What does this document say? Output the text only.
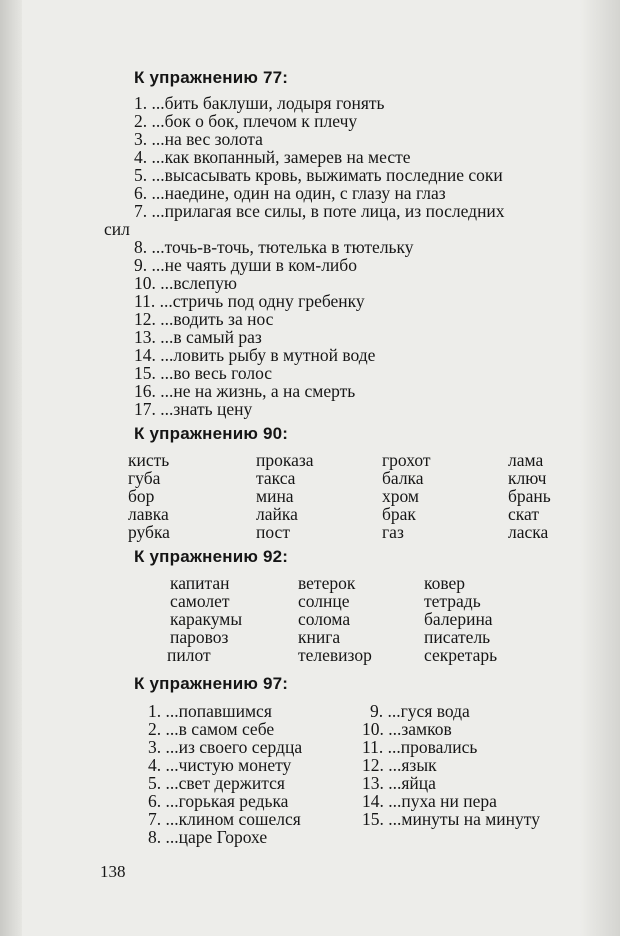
К упражнению 77:
1. ...бить баклуши, лодыря гонять
2. ...бок о бок, плечом к плечу
3. ...на вес золота
4. ...как вкопанный, замерев на месте
5. ...высасывать кровь, выжимать последние соки
6. ...наедине, один на один, с глазу на глаз
7. ...прилагая все силы, в поте лица, из последних
сил
8. ...точь-в-точь, тютелька в тютельку
9. ...не чаять души в ком-либо
10. ...вслепую
11. ...стричь под одну гребенку
12. ...водить за нос
13. ...в самый раз
14. ...ловить рыбу в мутной воде
15. ...во весь голос
16. ...не на жизнь, а на смерть
17. ...знать цену
К упражнению 90:
кисть	проказа	грохот	лама
губа	такса	балка	ключ
бор	мина	хром	брань
лавка	лайка	брак	скат
рубка	пост	газ	ласка
К упражнению 92:
капитан	ветерок	ковер
самолет	солнце	тетрадь
каракумы	солома	балерина
паровоз	книга	писатель
пилот	телевизор	секретарь
К упражнению 97:
1. ...попавшимся
2. ...в самом себе
3. ...из своего сердца
4. ...чистую монету
5. ...свет держится
6. ...горькая редька
7. ...клином сошелся
8. ...царе Горохе
9. ...гуся вода
10. ...замков
11. ...провались
12. ...язык
13. ...яйца
14. ...пуха ни пера
15. ...минуты на минуту
138
